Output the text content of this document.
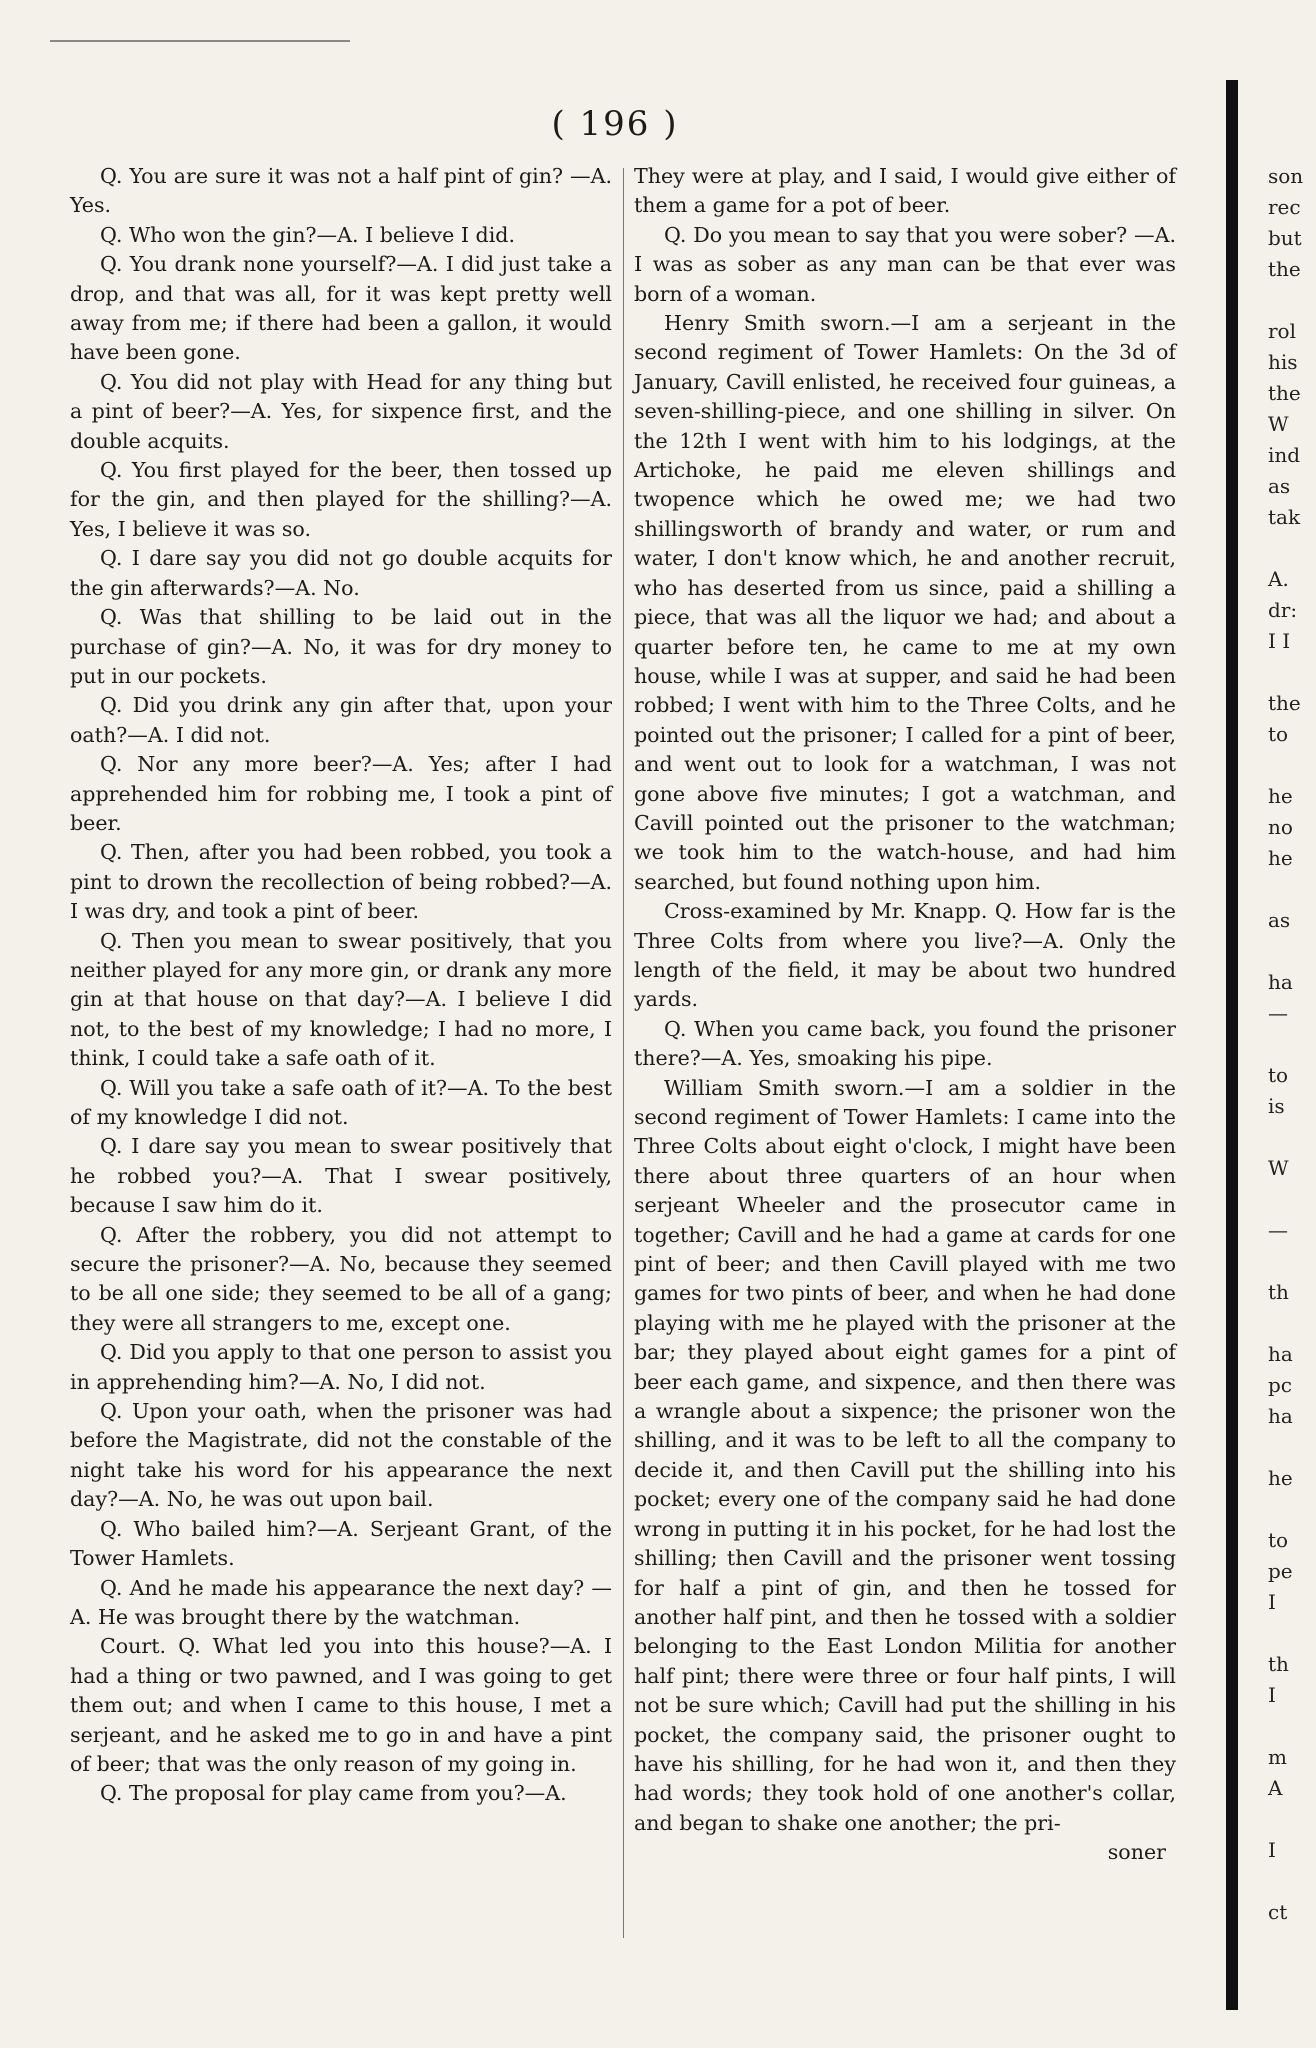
( 196 )

Q. You are sure it was not a half pint of gin? —A. Yes.

Q. Who won the gin?—A. I believe I did.

Q. You drank none yourself?—A. I did just take a drop, and that was all, for it was kept pretty well away from me; if there had been a gallon, it would have been gone.

Q. You did not play with Head for any thing but a pint of beer?—A. Yes, for sixpence first, and the double acquits.

Q. You first played for the beer, then tossed up for the gin, and then played for the shilling?—A. Yes, I believe it was so.

Q. I dare say you did not go double acquits for the gin afterwards?—A. No.

Q. Was that shilling to be laid out in the purchase of gin?—A. No, it was for dry money to put in our pockets.

Q. Did you drink any gin after that, upon your oath?—A. I did not.

Q. Nor any more beer?—A. Yes; after I had apprehended him for robbing me, I took a pint of beer.

Q. Then, after you had been robbed, you took a pint to drown the recollection of being robbed?—A. I was dry, and took a pint of beer.

Q. Then you mean to swear positively, that you neither played for any more gin, or drank any more gin at that house on that day?—A. I believe I did not, to the best of my knowledge; I had no more, I think, I could take a safe oath of it.

Q. Will you take a safe oath of it?—A. To the best of my knowledge I did not.

Q. I dare say you mean to swear positively that he robbed you?—A. That I swear positively, because I saw him do it.

Q. After the robbery, you did not attempt to secure the prisoner?—A. No, because they seemed to be all one side; they seemed to be all of a gang; they were all strangers to me, except one.

Q. Did you apply to that one person to assist you in apprehending him?—A. No, I did not.

Q. Upon your oath, when the prisoner was had before the Magistrate, did not the constable of the night take his word for his appearance the next day?—A. No, he was out upon bail.

Q. Who bailed him?—A. Serjeant Grant, of the Tower Hamlets.

Q. And he made his appearance the next day? —A. He was brought there by the watchman.

Court. Q. What led you into this house?—A. I had a thing or two pawned, and I was going to get them out; and when I came to this house, I met a serjeant, and he asked me to go in and have a pint of beer; that was the only reason of my going in.

Q. The proposal for play came from you?—A.

They were at play, and I said, I would give either of them a game for a pot of beer.

Q. Do you mean to say that you were sober? —A. I was as sober as any man can be that ever was born of a woman.

Henry Smith sworn.—I am a serjeant in the second regiment of Tower Hamlets: On the 3d of January, Cavill enlisted, he received four guineas, a seven-shilling-piece, and one shilling in silver. On the 12th I went with him to his lodgings, at the Artichoke, he paid me eleven shillings and twopence which he owed me; we had two shillingsworth of brandy and water, or rum and water, I don't know which, he and another recruit, who has deserted from us since, paid a shilling a piece, that was all the liquor we had; and about a quarter before ten, he came to me at my own house, while I was at supper, and said he had been robbed; I went with him to the Three Colts, and he pointed out the prisoner; I called for a pint of beer, and went out to look for a watchman, I was not gone above five minutes; I got a watchman, and Cavill pointed out the prisoner to the watchman; we took him to the watch-house, and had him searched, but found nothing upon him.

Cross-examined by Mr. Knapp. Q. How far is the Three Colts from where you live?—A. Only the length of the field, it may be about two hundred yards.

Q. When you came back, you found the prisoner there?—A. Yes, smoaking his pipe.

William Smith sworn.—I am a soldier in the second regiment of Tower Hamlets: I came into the Three Colts about eight o'clock, I might have been there about three quarters of an hour when serjeant Wheeler and the prosecutor came in together; Cavill and he had a game at cards for one pint of beer; and then Cavill played with me two games for two pints of beer, and when he had done playing with me he played with the prisoner at the bar; they played about eight games for a pint of beer each game, and sixpence, and then there was a wrangle about a sixpence; the prisoner won the shilling, and it was to be left to all the company to decide it, and then Cavill put the shilling into his pocket; every one of the company said he had done wrong in putting it in his pocket, for he had lost the shilling; then Cavill and the prisoner went tossing for half a pint of gin, and then he tossed for another half pint, and then he tossed with a soldier belonging to the East London Militia for another half pint; there were three or four half pints, I will not be sure which; Cavill had put the shilling in his pocket, the company said, the prisoner ought to have his shilling, for he had won it, and then they had words; they took hold of one another's collar, and began to shake one another; the pri-

soner

son
rec
but
the
rol
his
the
W
ind
as
tak
A.
dr:
I I
the
to
he
no
he
as
ha
—
to
is
W
—
th
ha
pc
ha
he
to
pe
I
th
I
m
A
I
ct
